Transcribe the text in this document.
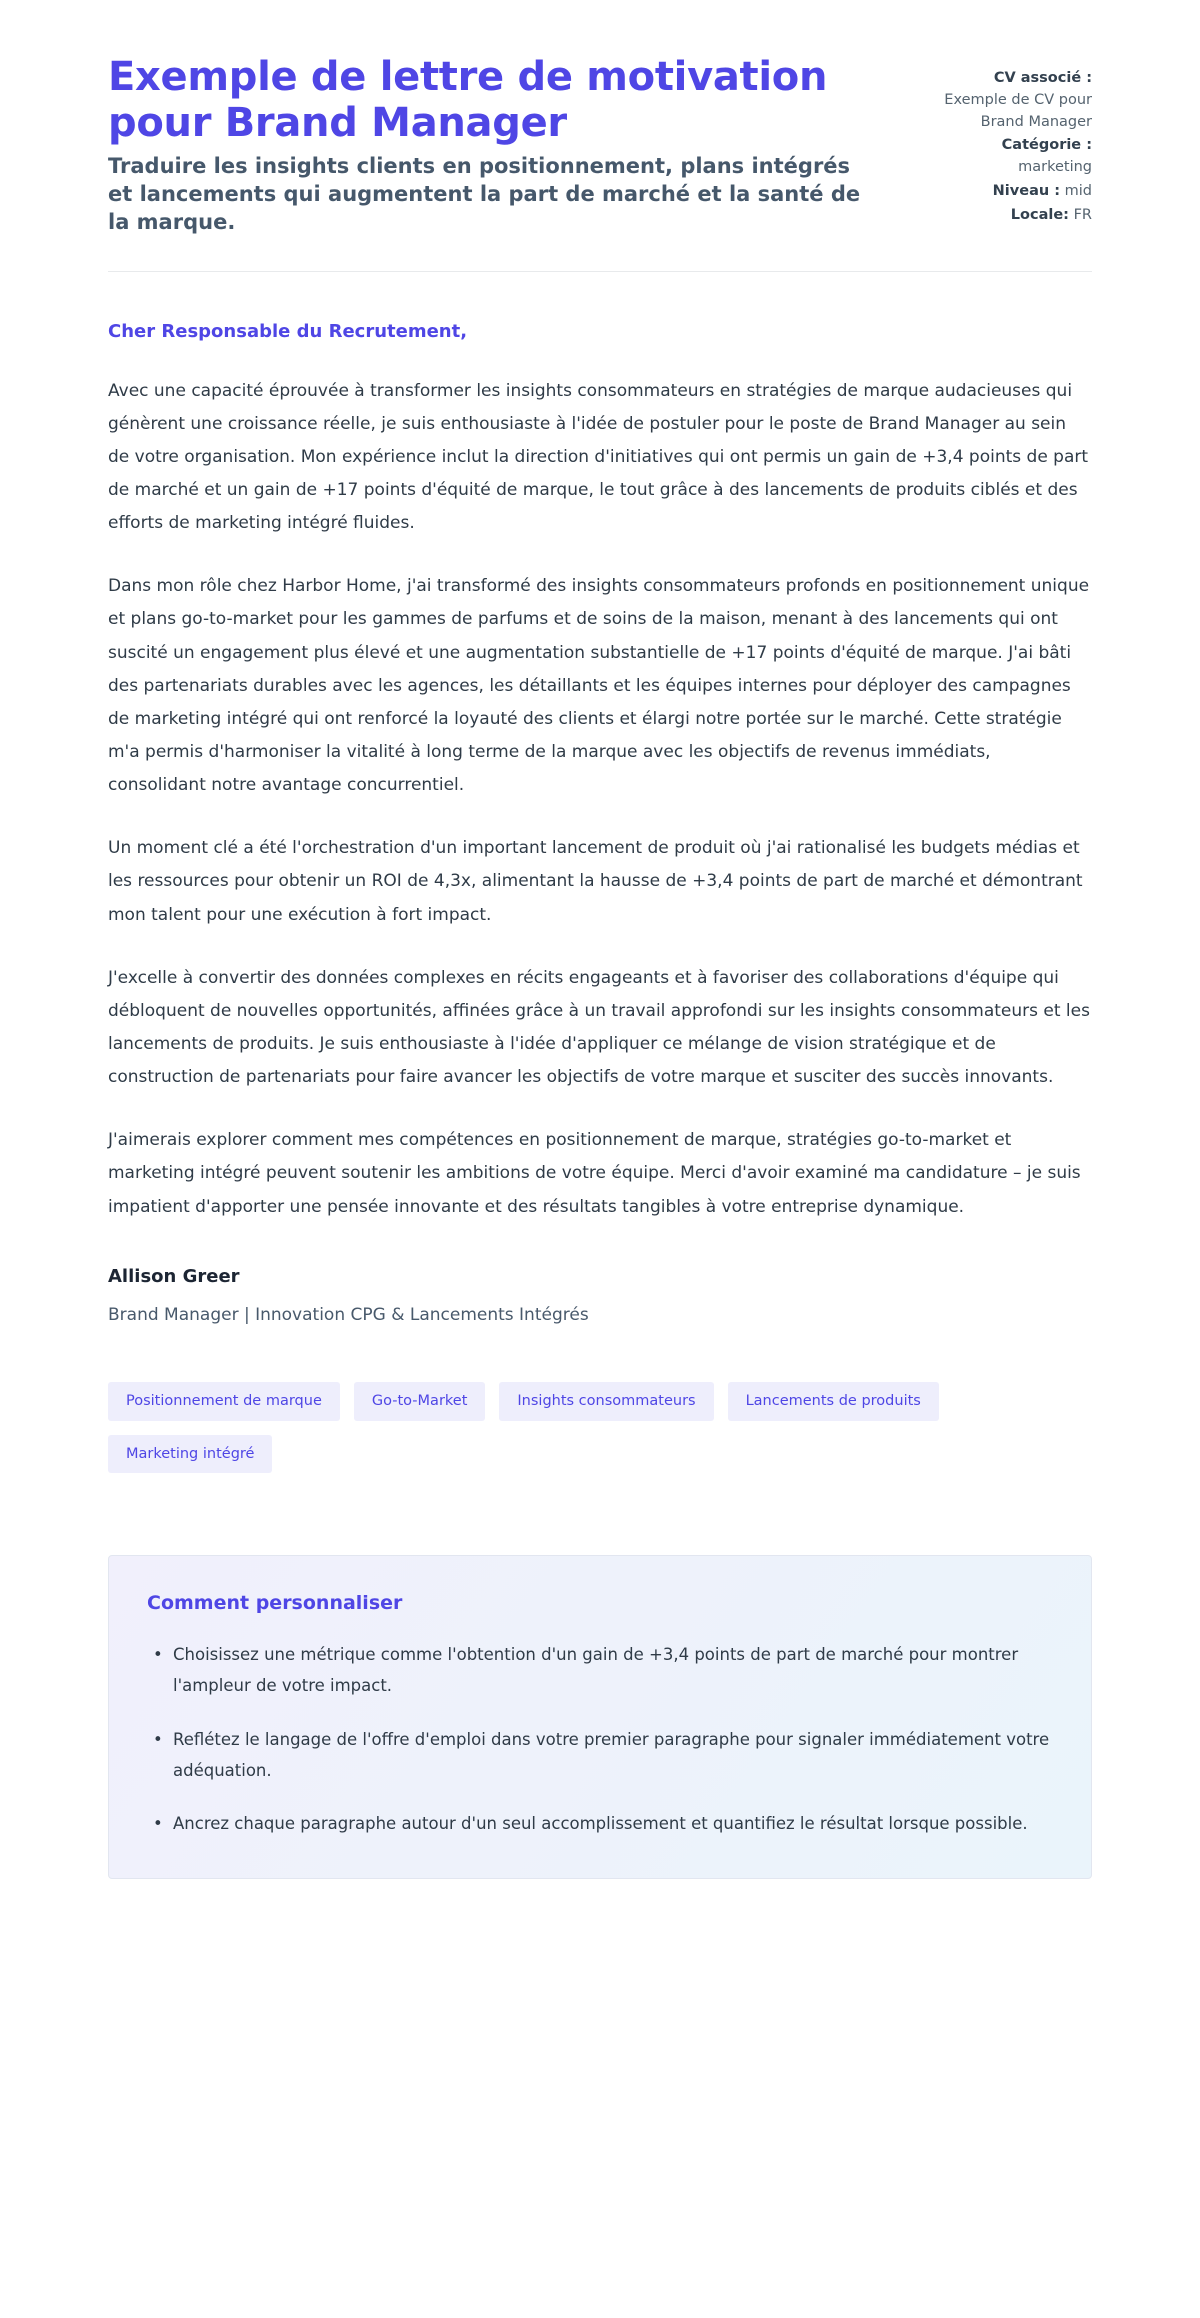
Exemple de lettre de motivation pour Brand Manager

Traduire les insights clients en positionnement, plans intégrés et lancements qui augmentent la part de marché et la santé de la marque.

CV associé :
Exemple de CV pour Brand Manager
Catégorie :
marketing
Niveau : mid
Locale: FR

Cher Responsable du Recrutement,

Avec une capacité éprouvée à transformer les insights consommateurs en stratégies de marque audacieuses qui génèrent une croissance réelle, je suis enthousiaste à l'idée de postuler pour le poste de Brand Manager au sein de votre organisation. Mon expérience inclut la direction d'initiatives qui ont permis un gain de +3,4 points de part de marché et un gain de +17 points d'équité de marque, le tout grâce à des lancements de produits ciblés et des efforts de marketing intégré fluides.

Dans mon rôle chez Harbor Home, j'ai transformé des insights consommateurs profonds en positionnement unique et plans go-to-market pour les gammes de parfums et de soins de la maison, menant à des lancements qui ont suscité un engagement plus élevé et une augmentation substantielle de +17 points d'équité de marque. J'ai bâti des partenariats durables avec les agences, les détaillants et les équipes internes pour déployer des campagnes de marketing intégré qui ont renforcé la loyauté des clients et élargi notre portée sur le marché. Cette stratégie m'a permis d'harmoniser la vitalité à long terme de la marque avec les objectifs de revenus immédiats, consolidant notre avantage concurrentiel.

Un moment clé a été l'orchestration d'un important lancement de produit où j'ai rationalisé les budgets médias et les ressources pour obtenir un ROI de 4,3x, alimentant la hausse de +3,4 points de part de marché et démontrant mon talent pour une exécution à fort impact.

J'excelle à convertir des données complexes en récits engageants et à favoriser des collaborations d'équipe qui débloquent de nouvelles opportunités, affinées grâce à un travail approfondi sur les insights consommateurs et les lancements de produits. Je suis enthousiaste à l'idée d'appliquer ce mélange de vision stratégique et de construction de partenariats pour faire avancer les objectifs de votre marque et susciter des succès innovants.

J'aimerais explorer comment mes compétences en positionnement de marque, stratégies go-to-market et marketing intégré peuvent soutenir les ambitions de votre équipe. Merci d'avoir examiné ma candidature – je suis impatient d'apporter une pensée innovante et des résultats tangibles à votre entreprise dynamique.

Allison Greer

Brand Manager | Innovation CPG & Lancements Intégrés

Positionnement de marque	Go-to-Market	Insights consommateurs	Lancements de produits
Marketing intégré
Comment personnaliser
• Choisissez une métrique comme l'obtention d'un gain de +3,4 points de part de marché pour montrer l'ampleur de votre impact.
• Reflétez le langage de l'offre d'emploi dans votre premier paragraphe pour signaler immédiatement votre adéquation.
• Ancrez chaque paragraphe autour d'un seul accomplissement et quantifiez le résultat lorsque possible.
